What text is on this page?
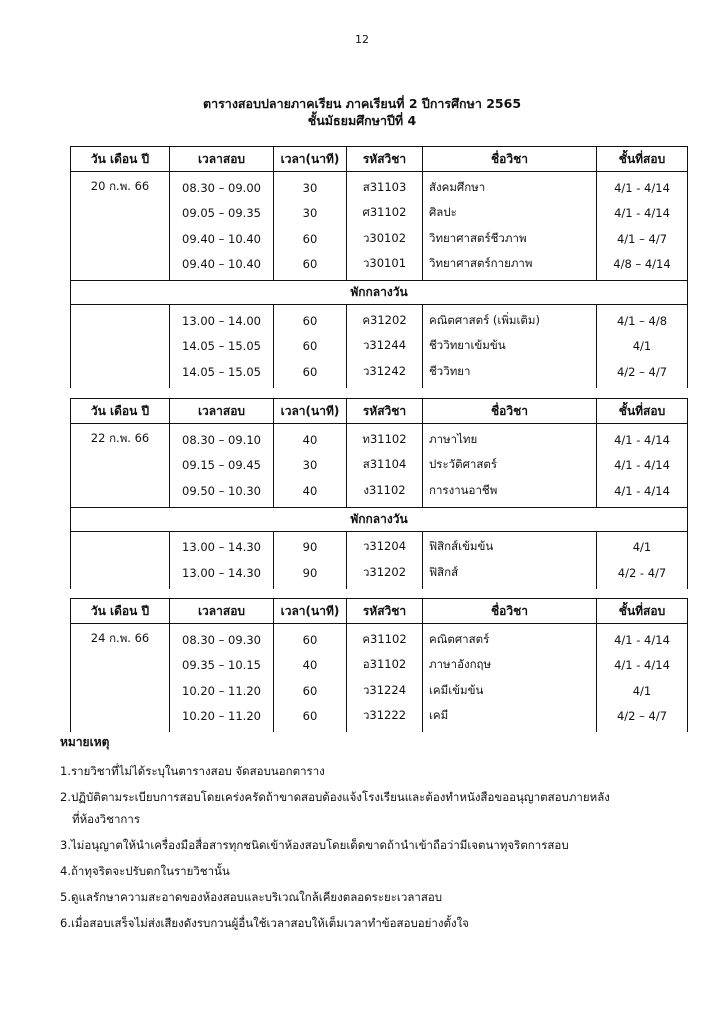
12
ตารางสอบปลายภาคเรียน ภาคเรียนที่ 2 ปีการศึกษา 2565
ชั้นมัธยมศึกษาปีที่ 4
วัน เดือน ปี	เวลาสอบ	เวลา(นาที)	รหัสวิชา	ชื่อวิชา	ชั้นที่สอบ
20 ก.พ. 66	08.30 – 09.00	30	ส31103	สังคมศึกษา	4/1 - 4/14
	09.05 – 09.35	30	ศ31102	ศิลปะ	4/1 - 4/14
	09.40 – 10.40	60	ว30102	วิทยาศาสตร์ชีวภาพ	4/1 – 4/7
	09.40 – 10.40	60	ว30101	วิทยาศาสตร์กายภาพ	4/8 – 4/14
พักกลางวัน					
	13.00 – 14.00	60	ค31202	คณิตศาสตร์ (เพิ่มเติม)	4/1 – 4/8
	14.05 – 15.05	60	ว31244	ชีววิทยาเข้มข้น	4/1
	14.05 – 15.05	60	ว31242	ชีววิทยา	4/2 – 4/7
วัน เดือน ปี	เวลาสอบ	เวลา(นาที)	รหัสวิชา	ชื่อวิชา	ชั้นที่สอบ
22 ก.พ. 66	08.30 – 09.10	40	ท31102	ภาษาไทย	4/1 - 4/14
	09.15 – 09.45	30	ส31104	ประวัติศาสตร์	4/1 - 4/14
	09.50 – 10.30	40	ง31102	การงานอาชีพ	4/1 - 4/14
พักกลางวัน					
	13.00 – 14.30	90	ว31204	ฟิสิกส์เข้มข้น	4/1
	13.00 – 14.30	90	ว31202	ฟิสิกส์	4/2 - 4/7
วัน เดือน ปี	เวลาสอบ	เวลา(นาที)	รหัสวิชา	ชื่อวิชา	ชั้นที่สอบ
24 ก.พ. 66	08.30 – 09.30	60	ค31102	คณิตศาสตร์	4/1 - 4/14
	09.35 – 10.15	40	อ31102	ภาษาอังกฤษ	4/1 - 4/14
	10.20 – 11.20	60	ว31224	เคมีเข้มข้น	4/1
	10.20 – 11.20	60	ว31222	เคมี	4/2 – 4/7
หมายเหตุ
1.รายวิชาที่ไม่ได้ระบุในตารางสอบ จัดสอบนอกตาราง
2.ปฏิบัติตามระเบียบการสอบโดยเคร่งครัดถ้าขาดสอบต้องแจ้งโรงเรียนและต้องทำหนังสือขออนุญาตสอบภายหลัง
ที่ห้องวิชาการ
3.ไม่อนุญาตให้นำเครื่องมือสื่อสารทุกชนิดเข้าห้องสอบโดยเด็ดขาดถ้านำเข้าถือว่ามีเจตนาทุจริตการสอบ
4.ถ้าทุจริตจะปรับตกในรายวิชานั้น
5.ดูแลรักษาความสะอาดของห้องสอบและบริเวณใกล้เคียงตลอดระยะเวลาสอบ
6.เมื่อสอบเสร็จไม่ส่งเสียงดังรบกวนผู้อื่นใช้เวลาสอบให้เต็มเวลาทำข้อสอบอย่างตั้งใจ
